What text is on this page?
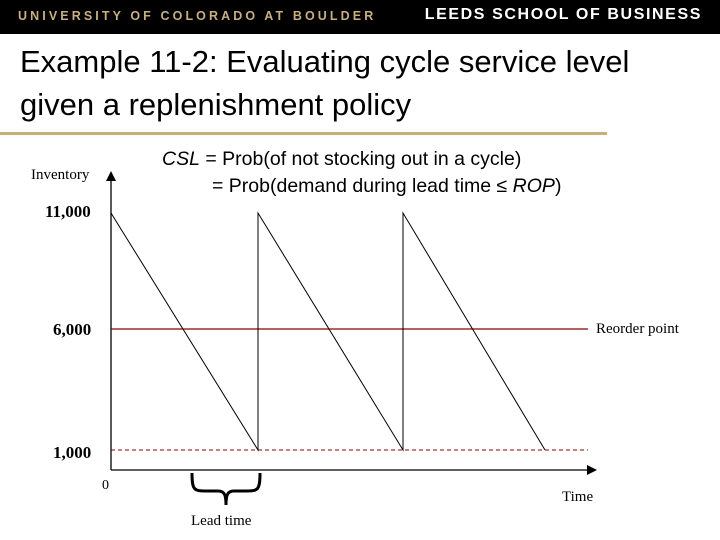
UNIVERSITY OF COLORADO AT BOULDER	LEEDS SCHOOL OF BUSINESS
Example 11-2: Evaluating cycle service level given a replenishment policy
CSL = Prob(of not stocking out in a cycle)
= Prob(demand during lead time ≤ ROP)
Inventory
11,000
6,000
1,000
0
Time
Reorder point
Lead time
